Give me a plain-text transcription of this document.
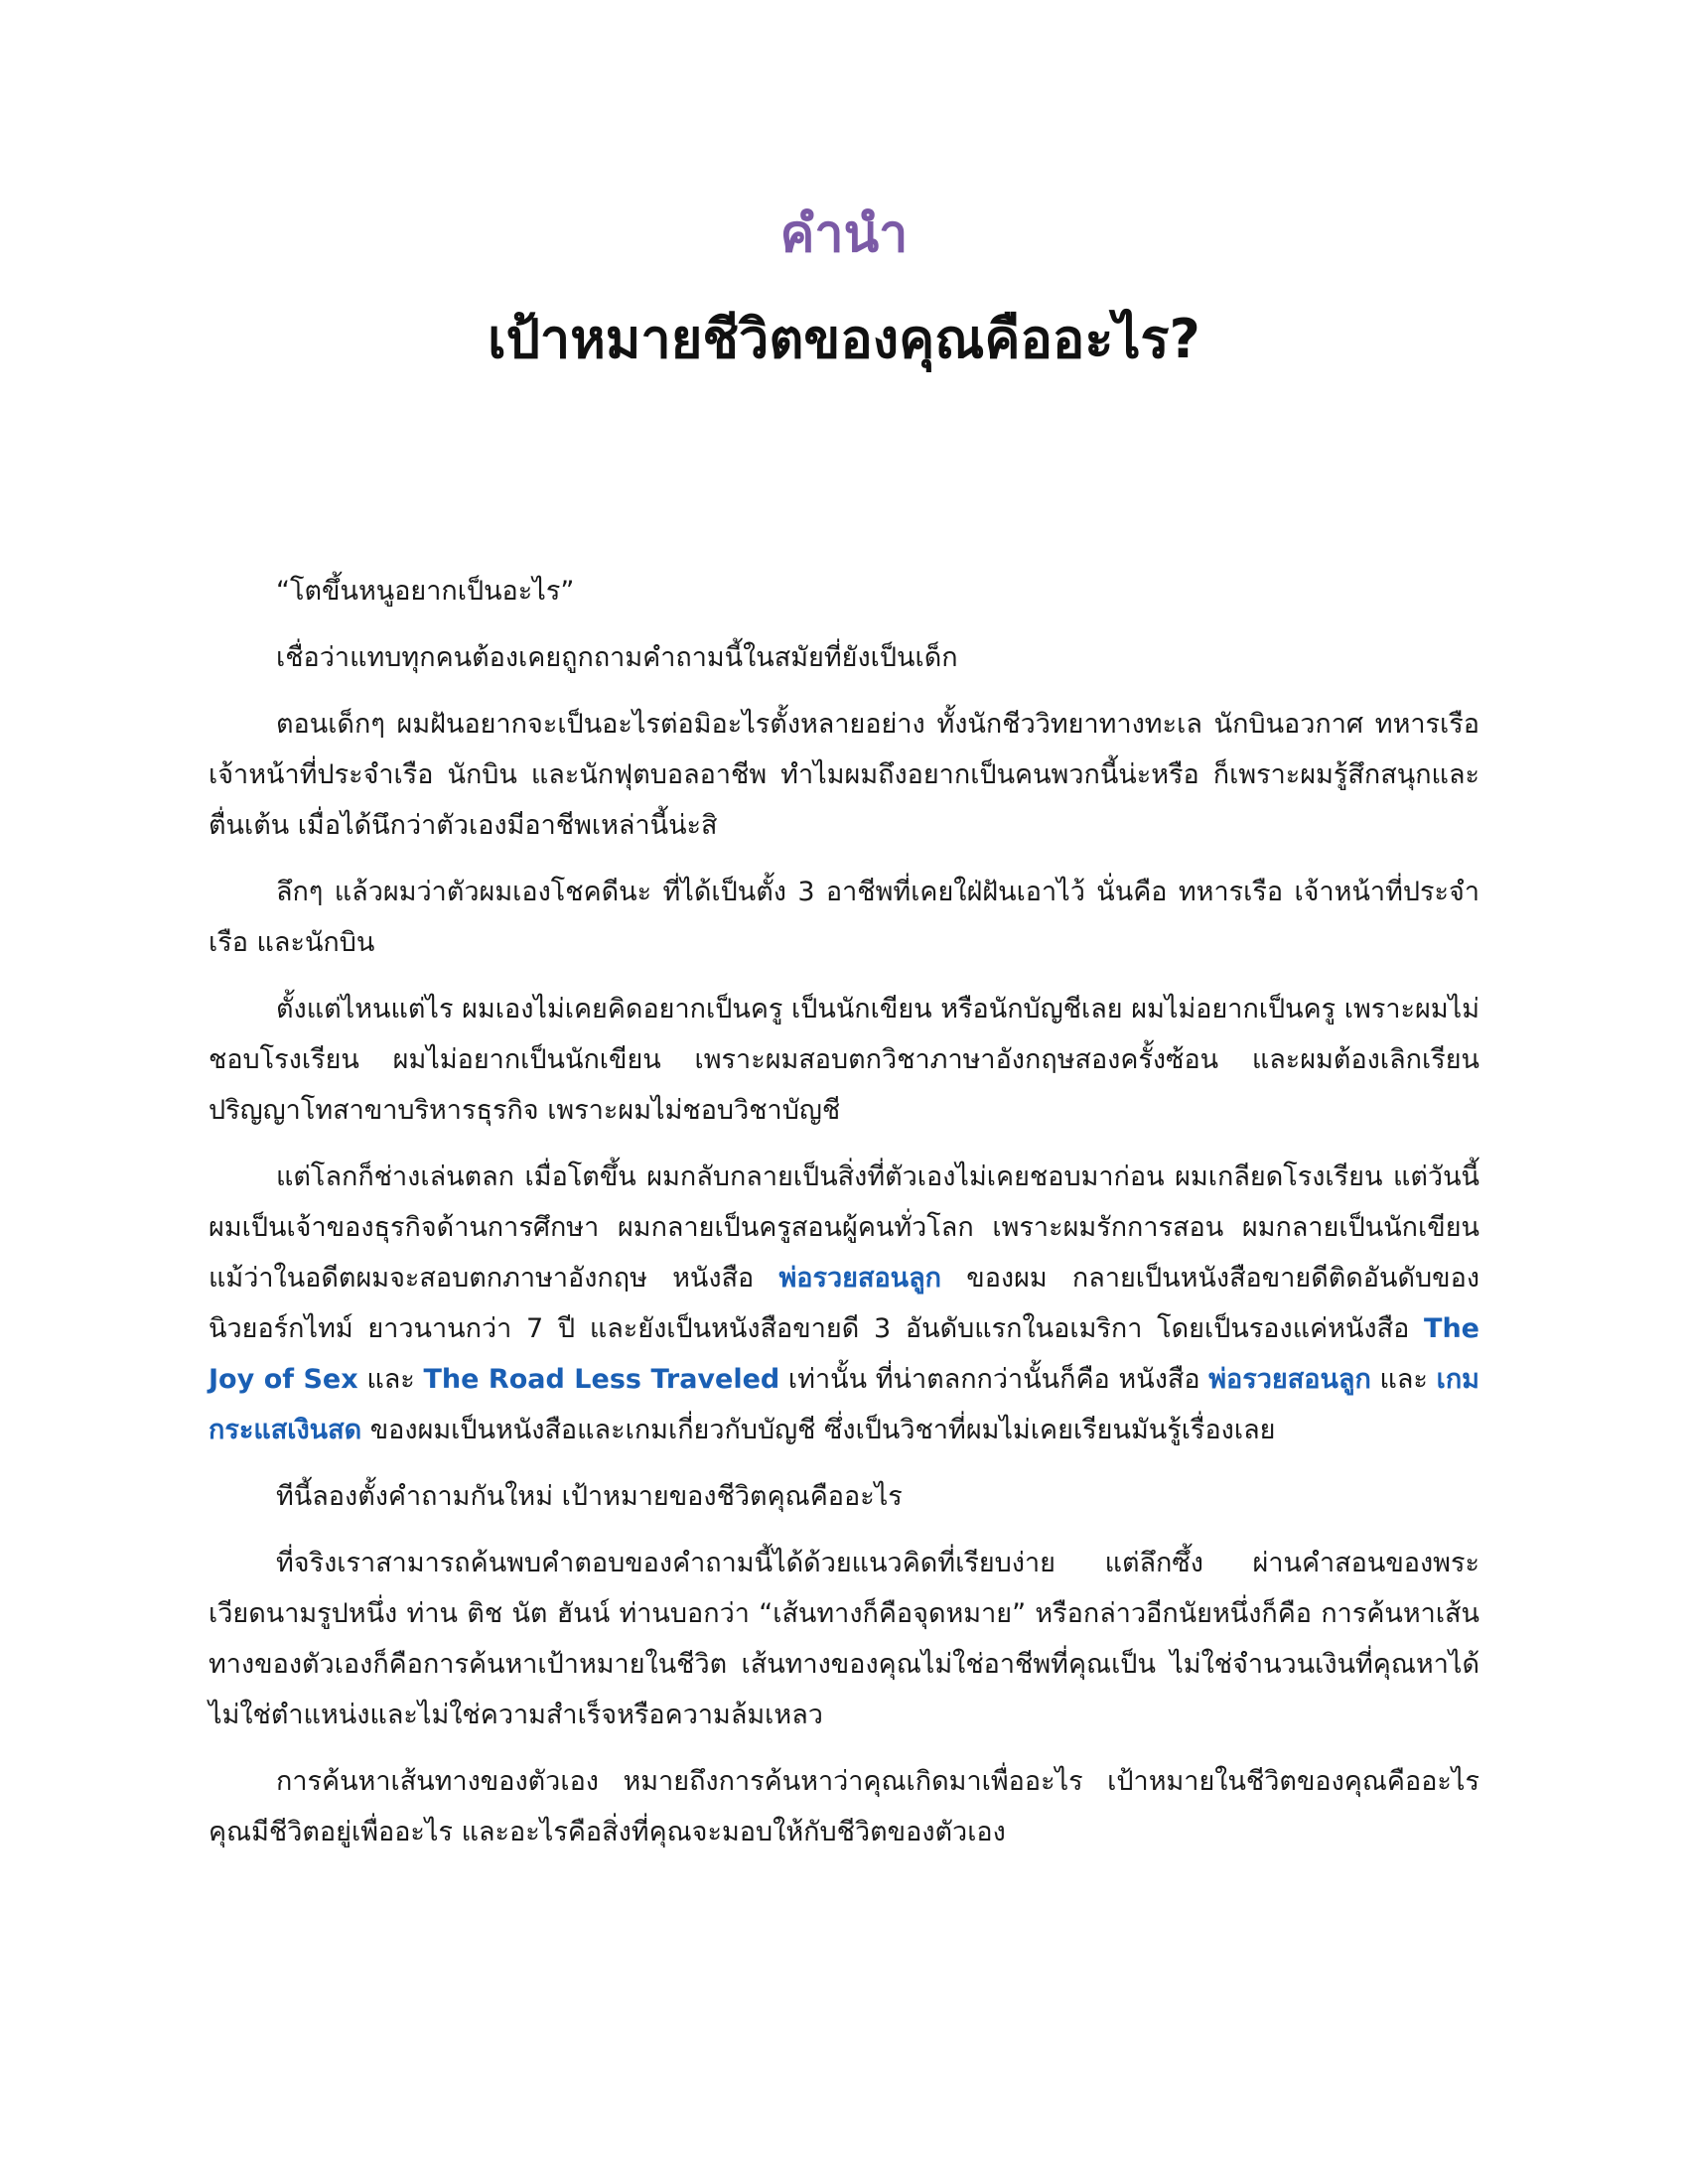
คำนำ
เป้าหมายชีวิตของคุณคืออะไร?

“โตขึ้นหนูอยากเป็นอะไร”

เชื่อว่าแทบทุกคนต้องเคยถูกถามคำถามนี้ในสมัยที่ยังเป็นเด็ก

ตอนเด็กๆ ผมฝันอยากจะเป็นอะไรต่อมิอะไรตั้งหลายอย่าง ทั้งนักชีววิทยาทางทะเล นักบินอวกาศ ทหารเรือ เจ้าหน้าที่ประจำเรือ นักบิน และนักฟุตบอลอาชีพ ทำไมผมถึงอยากเป็นคนพวกนี้น่ะหรือ ก็เพราะผมรู้สึกสนุกและตื่นเต้น เมื่อได้นึกว่าตัวเองมีอาชีพเหล่านี้น่ะสิ

ลึกๆ แล้วผมว่าตัวผมเองโชคดีนะ ที่ได้เป็นตั้ง 3 อาชีพที่เคยใฝ่ฝันเอาไว้ นั่นคือ ทหารเรือ เจ้าหน้าที่ประจำเรือ และนักบิน

ตั้งแต่ไหนแต่ไร ผมเองไม่เคยคิดอยากเป็นครู เป็นนักเขียน หรือนักบัญชีเลย ผมไม่อยากเป็นครู เพราะผมไม่ชอบโรงเรียน ผมไม่อยากเป็นนักเขียน เพราะผมสอบตกวิชาภาษาอังกฤษสองครั้งซ้อน และผมต้องเลิกเรียนปริญญาโทสาขาบริหารธุรกิจ เพราะผมไม่ชอบวิชาบัญชี

แต่โลกก็ช่างเล่นตลก เมื่อโตขึ้น ผมกลับกลายเป็นสิ่งที่ตัวเองไม่เคยชอบมาก่อน ผมเกลียดโรงเรียน แต่วันนี้ผมเป็นเจ้าของธุรกิจด้านการศึกษา ผมกลายเป็นครูสอนผู้คนทั่วโลก เพราะผมรักการสอน ผมกลายเป็นนักเขียน แม้ว่าในอดีตผมจะสอบตกภาษาอังกฤษ หนังสือ พ่อรวยสอนลูก ของผม กลายเป็นหนังสือขายดีติดอันดับของนิวยอร์กไทม์ ยาวนานกว่า 7 ปี และยังเป็นหนังสือขายดี 3 อันดับแรกในอเมริกา โดยเป็นรองแค่หนังสือ The Joy of Sex และ The Road Less Traveled เท่านั้น ที่น่าตลกกว่านั้นก็คือ หนังสือ พ่อรวยสอนลูก และ เกมกระแสเงินสด ของผมเป็นหนังสือและเกมเกี่ยวกับบัญชี ซึ่งเป็นวิชาที่ผมไม่เคยเรียนมันรู้เรื่องเลย

ทีนี้ลองตั้งคำถามกันใหม่ เป้าหมายของชีวิตคุณคืออะไร

ที่จริงเราสามารถค้นพบคำตอบของคำถามนี้ได้ด้วยแนวคิดที่เรียบง่าย แต่ลึกซึ้ง ผ่านคำสอนของพระเวียดนามรูปหนึ่ง ท่าน ติช นัต ฮันน์ ท่านบอกว่า “เส้นทางก็คือจุดหมาย” หรือกล่าวอีกนัยหนึ่งก็คือ การค้นหาเส้นทางของตัวเองก็คือการค้นหาเป้าหมายในชีวิต เส้นทางของคุณไม่ใช่อาชีพที่คุณเป็น ไม่ใช่จำนวนเงินที่คุณหาได้ ไม่ใช่ตำแหน่งและไม่ใช่ความสำเร็จหรือความล้มเหลว

การค้นหาเส้นทางของตัวเอง หมายถึงการค้นหาว่าคุณเกิดมาเพื่ออะไร เป้าหมายในชีวิตของคุณคืออะไร คุณมีชีวิตอยู่เพื่ออะไร และอะไรคือสิ่งที่คุณจะมอบให้กับชีวิตของตัวเอง
